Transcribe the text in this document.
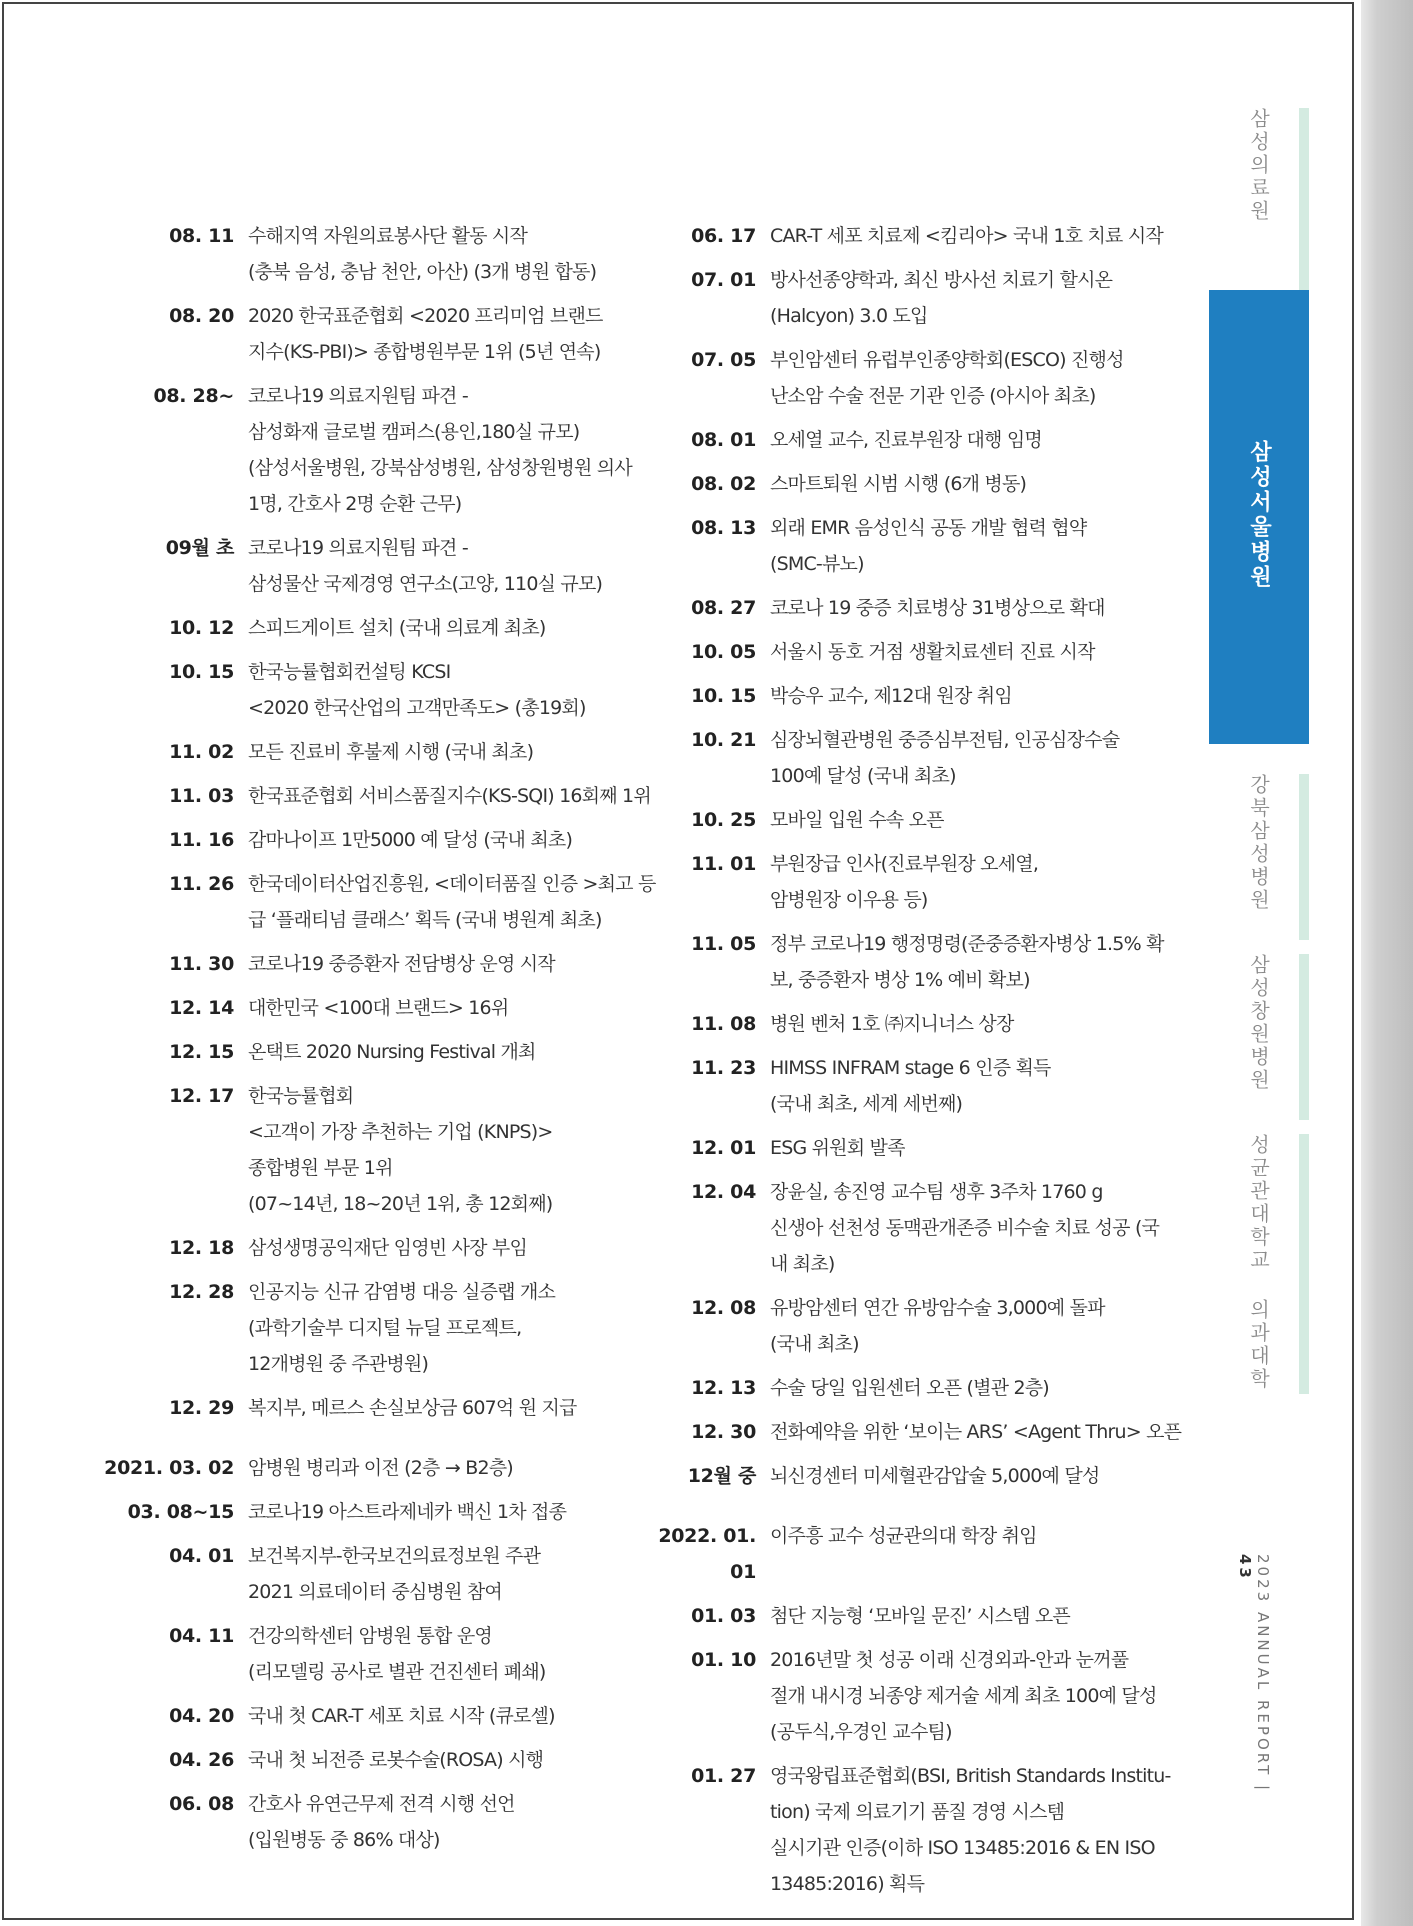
08. 11 수해지역 자원의료봉사단 활동 시작
(충북 음성, 충남 천안, 아산) (3개 병원 합동)
08. 20 2020 한국표준협회 <2020 프리미엄 브랜드
지수(KS-PBI)> 종합병원부문 1위 (5년 연속)
08. 28~ 코로나19 의료지원팀 파견 -
삼성화재 글로벌 캠퍼스(용인,180실 규모)
(삼성서울병원, 강북삼성병원, 삼성창원병원 의사
1명, 간호사 2명 순환 근무)
09월 초 코로나19 의료지원팀 파견 -
삼성물산 국제경영 연구소(고양, 110실 규모)
10. 12 스피드게이트 설치 (국내 의료계 최초)
10. 15 한국능률협회컨설팅 KCSI
<2020 한국산업의 고객만족도> (총19회)
11. 02 모든 진료비 후불제 시행 (국내 최초)
11. 03 한국표준협회 서비스품질지수(KS-SQI) 16회째 1위
11. 16 감마나이프 1만5000 예 달성 (국내 최초)
11. 26 한국데이터산업진흥원, <데이터품질 인증 >최고 등
급 ‘플래티넘 클래스’ 획득 (국내 병원계 최초)
11. 30 코로나19 중증환자 전담병상 운영 시작
12. 14 대한민국 <100대 브랜드> 16위
12. 15 온택트 2020 Nursing Festival 개최
12. 17 한국능률협회
<고객이 가장 추천하는 기업 (KNPS)>
종합병원 부문 1위
(07~14년, 18~20년 1위, 총 12회째)
12. 18 삼성생명공익재단 임영빈 사장 부임
12. 28 인공지능 신규 감염병 대응 실증랩 개소
(과학기술부 디지털 뉴딜 프로젝트,
12개병원 중 주관병원)
12. 29 복지부, 메르스 손실보상금 607억 원 지급
2021. 03. 02 암병원 병리과 이전 (2층 → B2층)
03. 08~15 코로나19 아스트라제네카 백신 1차 접종
04. 01 보건복지부-한국보건의료정보원 주관
2021 의료데이터 중심병원 참여
04. 11 건강의학센터 암병원 통합 운영
(리모델링 공사로 별관 건진센터 폐쇄)
04. 20 국내 첫 CAR-T 세포 치료 시작 (큐로셀)
04. 26 국내 첫 뇌전증 로봇수술(ROSA) 시행
06. 08 간호사 유연근무제 전격 시행 선언
(입원병동 중 86% 대상)
06. 17 CAR-T 세포 치료제 <킴리아> 국내 1호 치료 시작
07. 01 방사선종양학과, 최신 방사선 치료기 할시온
(Halcyon) 3.0 도입
07. 05 부인암센터 유럽부인종양학회(ESCO) 진행성
난소암 수술 전문 기관 인증 (아시아 최초)
08. 01 오세열 교수, 진료부원장 대행 임명
08. 02 스마트퇴원 시범 시행 (6개 병동)
08. 13 외래 EMR 음성인식 공동 개발 협력 협약
(SMC-뷰노)
08. 27 코로나 19 중증 치료병상 31병상으로 확대
10. 05 서울시 동호 거점 생활치료센터 진료 시작
10. 15 박승우 교수, 제12대 원장 취임
10. 21 심장뇌혈관병원 중증심부전팀, 인공심장수술
100예 달성 (국내 최초)
10. 25 모바일 입원 수속 오픈
11. 01 부원장급 인사(진료부원장 오세열,
암병원장 이우용 등)
11. 05 정부 코로나19 행정명령(준중증환자병상 1.5% 확
보, 중증환자 병상 1% 예비 확보)
11. 08 병원 벤처 1호 ㈜지니너스 상장
11. 23 HIMSS INFRAM stage 6 인증 획득
(국내 최초, 세계 세번째)
12. 01 ESG 위원회 발족
12. 04 장윤실, 송진영 교수팀 생후 3주차 1760 g
신생아 선천성 동맥관개존증 비수술 치료 성공 (국
내 최초)
12. 08 유방암센터 연간 유방암수술 3,000예 돌파
(국내 최초)
12. 13 수술 당일 입원센터 오픈 (별관 2층)
12. 30 전화예약을 위한 ‘보이는 ARS’ <Agent Thru> 오픈
12월 중 뇌신경센터 미세혈관감압술 5,000예 달성
2022. 01. 01
이주흥 교수 성균관의대 학장 취임
01. 03 첨단 지능형 ‘모바일 문진’ 시스템 오픈
01. 10 2016년말 첫 성공 이래 신경외과-안과 눈꺼풀
절개 내시경 뇌종양 제거술 세계 최초 100예 달성
(공두식,우경인 교수팀)
01. 27 영국왕립표준협회(BSI, British Standards Institu-
tion) 국제 의료기기 품질 경영 시스템
실시기관 인증(이하 ISO 13485:2016 & EN ISO
13485:2016) 획득
삼성의료원
삼성서울병원
강북삼성병원
삼성창원병원
성균관대학교 의과대학
2023 ANNUAL REPORT | 43
